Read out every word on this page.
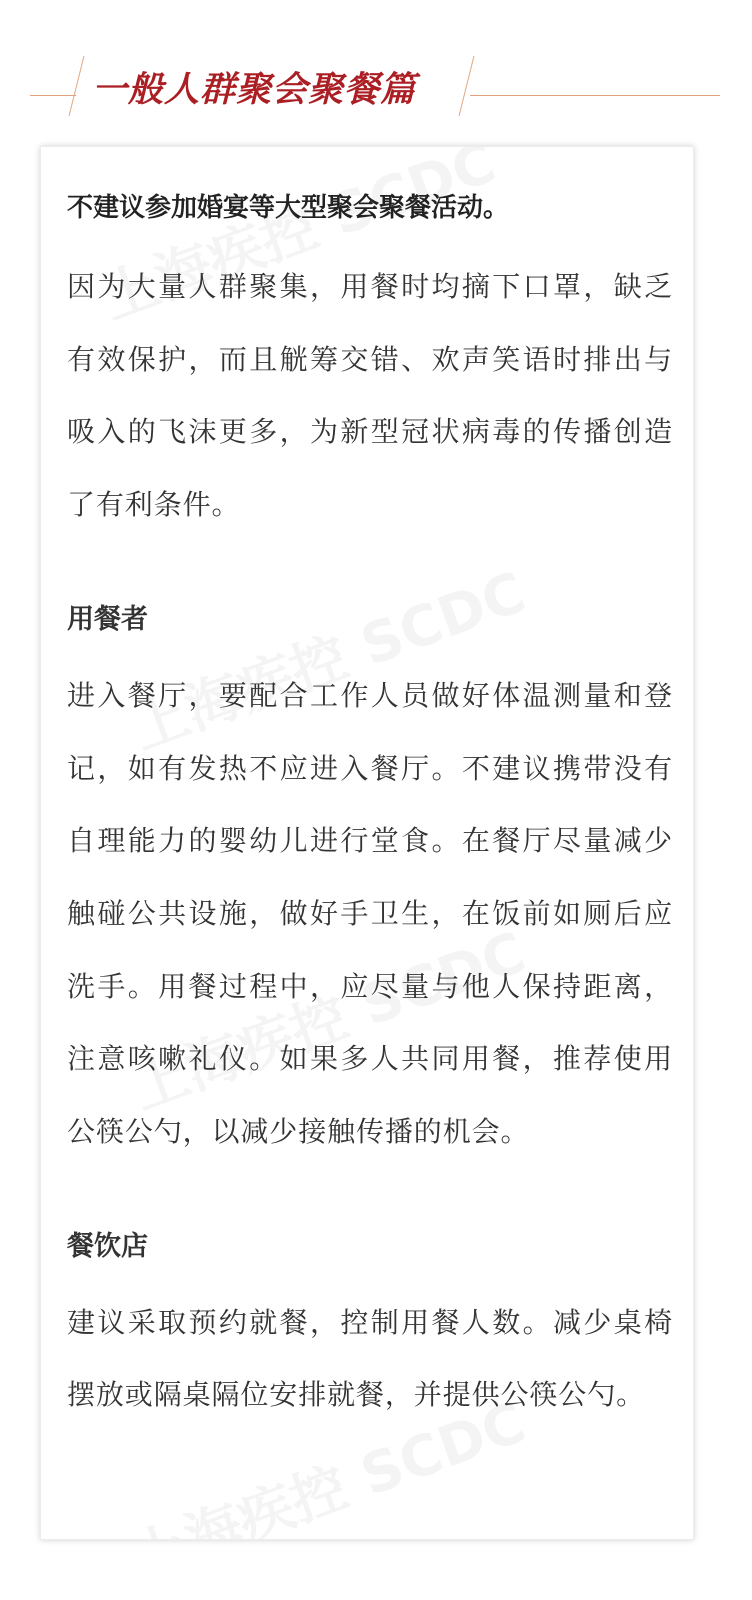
一般人群聚会聚餐篇

不建议参加婚宴等大型聚会聚餐活动。

因为大量人群聚集，用餐时均摘下口罩，缺乏有效保护，而且觥筹交错、欢声笑语时排出与吸入的飞沫更多，为新型冠状病毒的传播创造了有利条件。

用餐者

进入餐厅，要配合工作人员做好体温测量和登记，如有发热不应进入餐厅。不建议携带没有自理能力的婴幼儿进行堂食。在餐厅尽量减少触碰公共设施，做好手卫生，在饭前如厕后应洗手。用餐过程中，应尽量与他人保持距离，注意咳嗽礼仪。如果多人共同用餐，推荐使用公筷公勺，以减少接触传播的机会。

餐饮店

建议采取预约就餐，控制用餐人数。减少桌椅摆放或隔桌隔位安排就餐，并提供公筷公勺。
